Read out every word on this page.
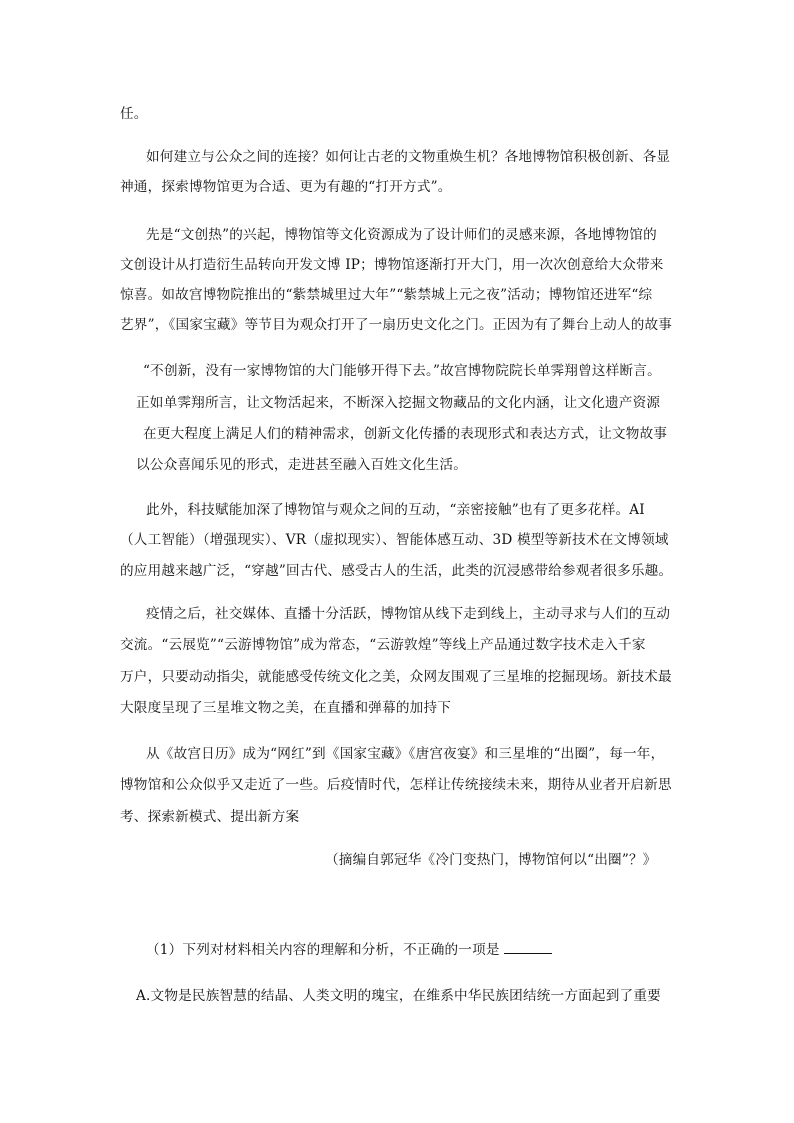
任。
如何建立与公众之间的连接？如何让古老的文物重焕生机？各地博物馆积极创新、各显
神通，探索博物馆更为合适、更为有趣的“打开方式”。
先是“文创热”的兴起，博物馆等文化资源成为了设计师们的灵感来源，各地博物馆的
文创设计从打造衍生品转向开发文博 IP；博物馆逐渐打开大门，用一次次创意给大众带来
惊喜。如故宫博物院推出的“紫禁城里过大年”“紫禁城上元之夜”活动；博物馆还进军“综
艺界”，《国家宝藏》等节目为观众打开了一扇历史文化之门。正因为有了舞台上动人的故事
“不创新，没有一家博物馆的大门能够开得下去。”故宫博物院院长单霁翔曾这样断言。
正如单霁翔所言，让文物活起来，不断深入挖掘文物藏品的文化内涵，让文化遗产资源
在更大程度上满足人们的精神需求，创新文化传播的表现形式和表达方式，让文物故事
以公众喜闻乐见的形式，走进甚至融入百姓文化生活。
此外，科技赋能加深了博物馆与观众之间的互动，“亲密接触”也有了更多花样。AI
（人工智能）（增强现实）、VR（虚拟现实）、智能体感互动、3D 模型等新技术在文博领域
的应用越来越广泛，“穿越”回古代、感受古人的生活，此类的沉浸感带给参观者很多乐趣。
疫情之后，社交媒体、直播十分活跃，博物馆从线下走到线上，主动寻求与人们的互动
交流。“云展览”“云游博物馆”成为常态，“云游敦煌”等线上产品通过数字技术走入千家
万户，只要动动指尖，就能感受传统文化之美，众网友围观了三星堆的挖掘现场。新技术最
大限度呈现了三星堆文物之美，在直播和弹幕的加持下
从《故宫日历》成为“网红”到《国家宝藏》《唐宫夜宴》和三星堆的“出圈”，每一年，
博物馆和公众似乎又走近了一些。后疫情时代，怎样让传统接续未来，期待从业者开启新思
考、探索新模式、提出新方案
（摘编自郭冠华《冷门变热门，博物馆何以“出圈”？》
（1）下列对材料相关内容的理解和分析，不正确的一项是
A.文物是民族智慧的结晶、人类文明的瑰宝，在维系中华民族团结统一方面起到了重要
